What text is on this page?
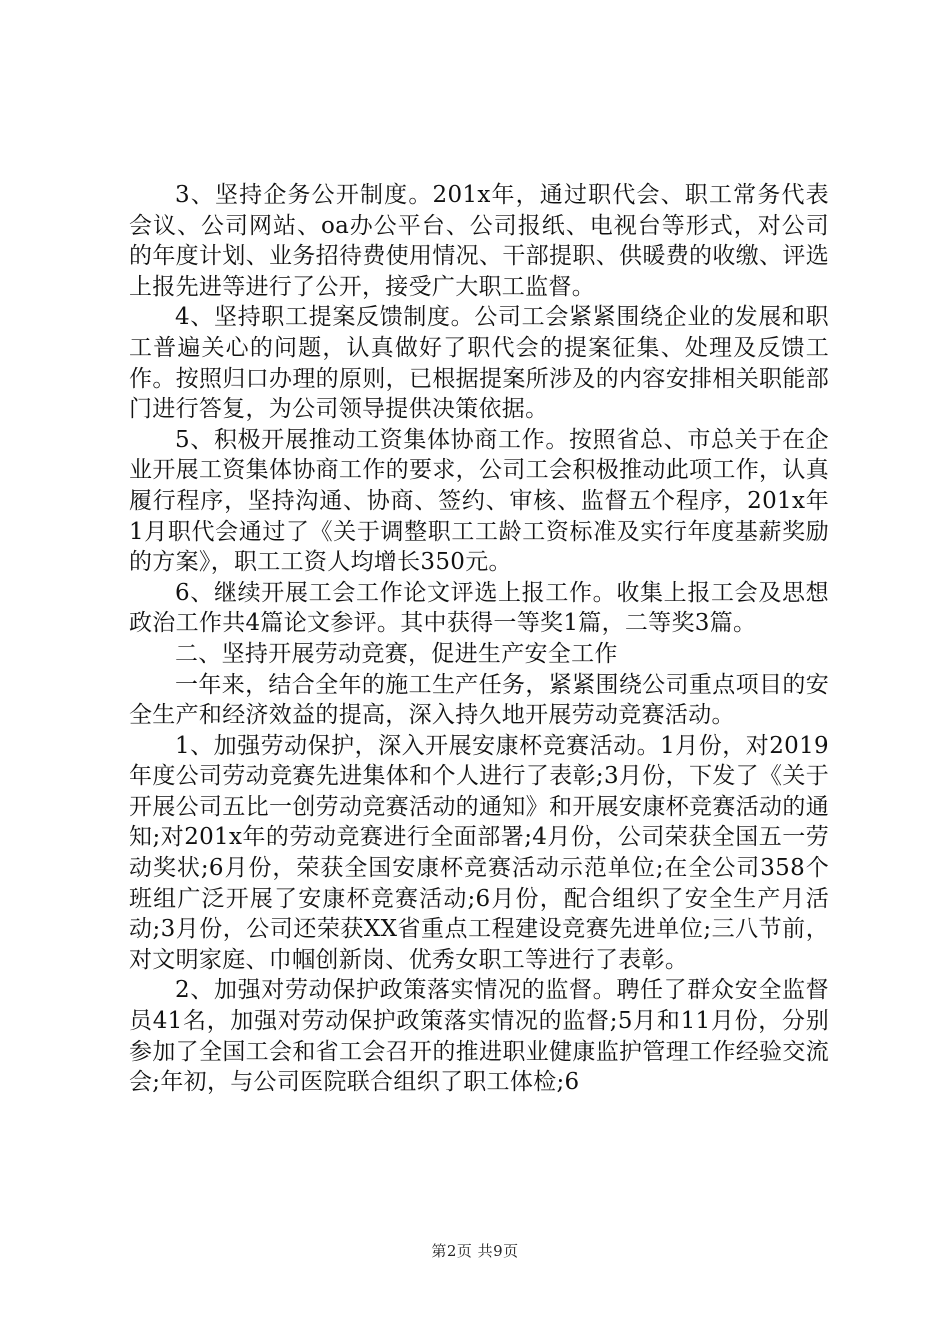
3、坚持企务公开制度。201x年，通过职代会、职工常务代表会议、公司网站、oa办公平台、公司报纸、电视台等形式，对公司的年度计划、业务招待费使用情况、干部提职、供暖费的收缴、评选上报先进等进行了公开，接受广大职工监督。

4、坚持职工提案反馈制度。公司工会紧紧围绕企业的发展和职工普遍关心的问题，认真做好了职代会的提案征集、处理及反馈工作。按照归口办理的原则，已根据提案所涉及的内容安排相关职能部门进行答复，为公司领导提供决策依据。

5、积极开展推动工资集体协商工作。按照省总、市总关于在企业开展工资集体协商工作的要求，公司工会积极推动此项工作，认真履行程序，坚持沟通、协商、签约、审核、监督五个程序，201x年1月职代会通过了《关于调整职工工龄工资标准及实行年度基薪奖励的方案》，职工工资人均增长350元。

6、继续开展工会工作论文评选上报工作。收集上报工会及思想政治工作共4篇论文参评。其中获得一等奖1篇，二等奖3篇。

二、坚持开展劳动竞赛，促进生产安全工作

一年来，结合全年的施工生产任务，紧紧围绕公司重点项目的安全生产和经济效益的提高，深入持久地开展劳动竞赛活动。

1、加强劳动保护，深入开展安康杯竞赛活动。1月份，对2019年度公司劳动竞赛先进集体和个人进行了表彰;3月份，下发了《关于开展公司五比一创劳动竞赛活动的通知》和开展安康杯竞赛活动的通知;对201x年的劳动竞赛进行全面部署;4月份，公司荣获全国五一劳动奖状;6月份，荣获全国安康杯竞赛活动示范单位;在全公司358个班组广泛开展了安康杯竞赛活动;6月份，配合组织了安全生产月活动;3月份，公司还荣获XX省重点工程建设竞赛先进单位;三八节前，对文明家庭、巾帼创新岗、优秀女职工等进行了表彰。

2、加强对劳动保护政策落实情况的监督。聘任了群众安全监督员41名，加强对劳动保护政策落实情况的监督;5月和11月份，分别参加了全国工会和省工会召开的推进职业健康监护管理工作经验交流会;年初，与公司医院联合组织了职工体检;6

第2页 共9页
